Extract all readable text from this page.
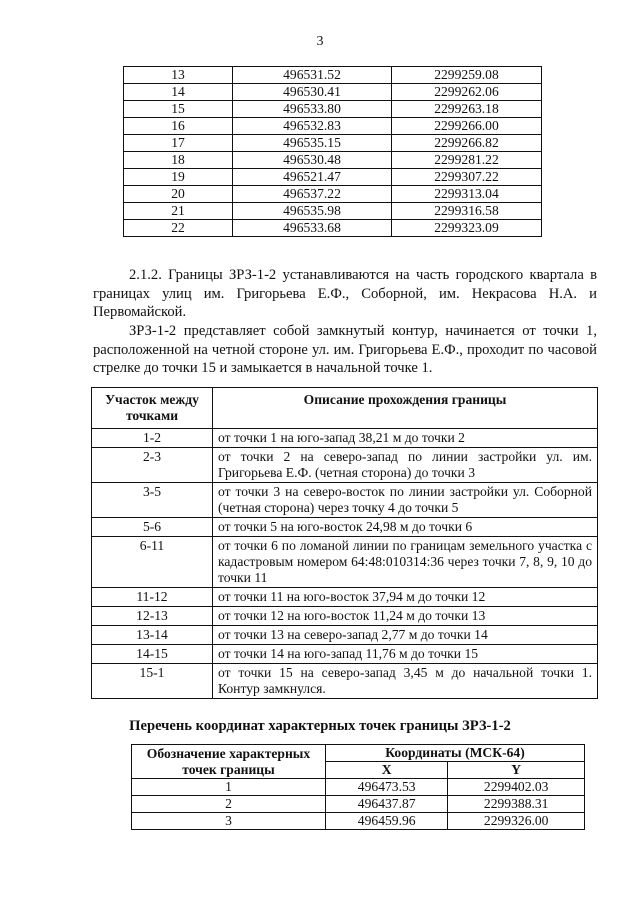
3
13	496531.52	2299259.08
14	496530.41	2299262.06
15	496533.80	2299263.18
16	496532.83	2299266.00
17	496535.15	2299266.82
18	496530.48	2299281.22
19	496521.47	2299307.22
20	496537.22	2299313.04
21	496535.98	2299316.58
22	496533.68	2299323.09
2.1.2. Границы ЗРЗ-1-2 устанавливаются на часть городского квартала в границах улиц им. Григорьева Е.Ф., Соборной, им. Некрасова Н.А. и Первомайской.
ЗРЗ-1-2 представляет собой замкнутый контур, начинается от точки 1, расположенной на четной стороне ул. им. Григорьева Е.Ф., проходит по часовой стрелке до точки 15 и замыкается в начальной точке 1.
Участок между точками	Описание прохождения границы
1-2	от точки 1 на юго-запад 38,21 м до точки 2
2-3	от точки 2 на северо-запад по линии застройки ул. им. Григорьева Е.Ф. (четная сторона) до точки 3
3-5	от точки 3 на северо-восток по линии застройки ул. Соборной (четная сторона) через точку 4 до точки 5
5-6	от точки 5 на юго-восток 24,98 м до точки 6
6-11	от точки 6 по ломаной линии по границам земельного участка с кадастровым номером 64:48:010314:36 через точки 7, 8, 9, 10 до точки 11
11-12	от точки 11 на юго-восток 37,94 м до точки 12
12-13	от точки 12 на юго-восток 11,24 м до точки 13
13-14	от точки 13 на северо-запад 2,77 м до точки 14
14-15	от точки 14 на юго-запад 11,76 м до точки 15
15-1	от точки 15 на северо-запад 3,45 м до начальной точки 1. Контур замкнулся.
Перечень координат характерных точек границы ЗРЗ-1-2
Обозначение характерных точек границы	Координаты (МСК-64)	
	X	Y
1	496473.53	2299402.03
2	496437.87	2299388.31
3	496459.96	2299326.00
